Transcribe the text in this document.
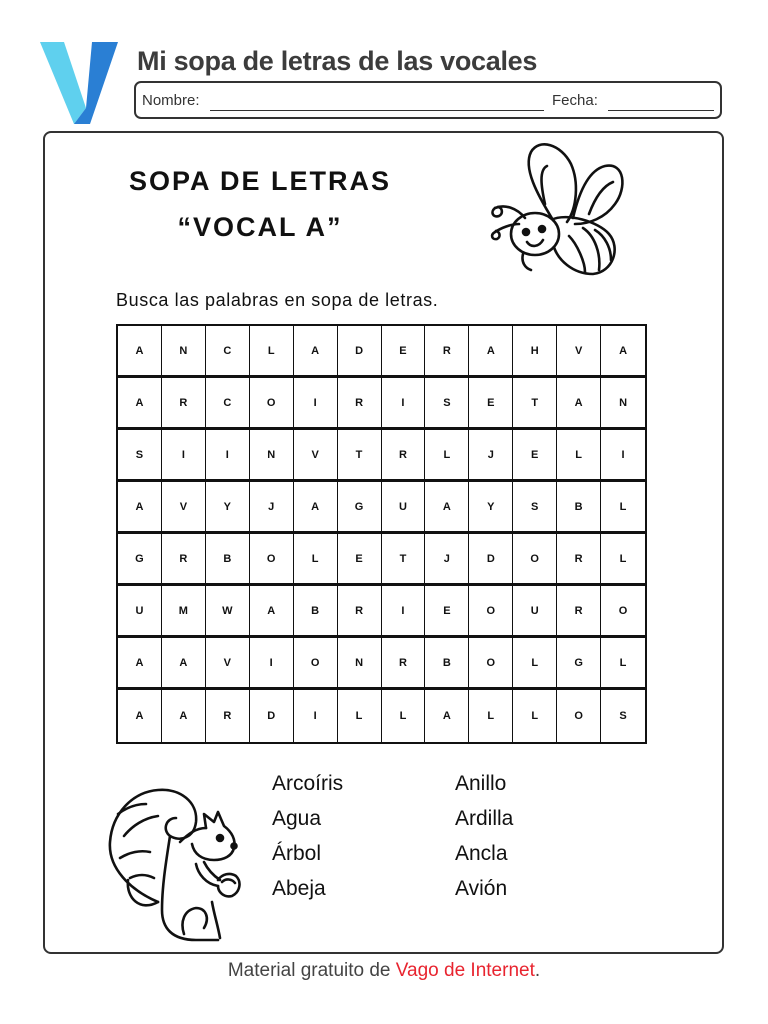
Mi sopa de letras de las vocales
Nombre:	Fecha:
SOPA DE LETRAS
“VOCAL A”
Busca las palabras en sopa de letras.
A	N	C	L	A	D	E	R	A	H	V	A
A	R	C	O	I	R	I	S	E	T	A	N
S	I	I	N	V	T	R	L	J	E	L	I
A	V	Y	J	A	G	U	A	Y	S	B	L
G	R	B	O	L	E	T	J	D	O	R	L
U	M	W	A	B	R	I	E	O	U	R	O
A	A	V	I	O	N	R	B	O	L	G	L
A	A	R	D	I	L	L	A	L	L	O	S
Arcoíris
Agua
Árbol
Abeja
Anillo
Ardilla
Ancla
Avión
Material gratuito de Vago de Internet.
